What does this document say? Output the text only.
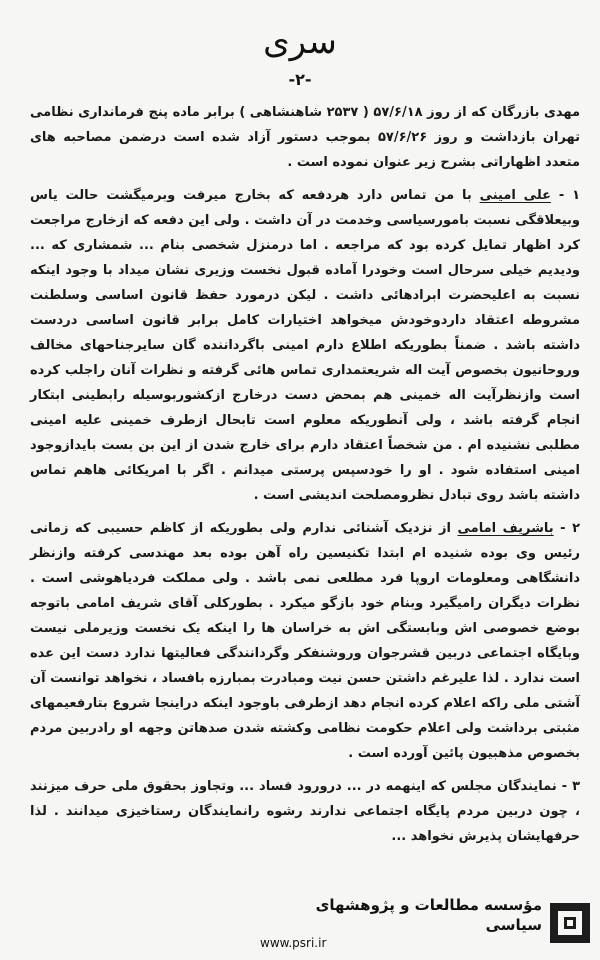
سری
-۲-

مهدی بازرگان که از روز ۵۷/۶/۱۸ ( ۲۵۳۷ شاهنشاهی ) برابر ماده پنج فرمانداری نظامی تهران بازداشت و روز ۵۷/۶/۲۶ بموجب دستور آزاد شده است درضمن مصاحبه های متعدد اظهاراتی بشرح زیر عنوان نموده است .

۱ - علی امینی با من تماس دارد هردفعه که بخارج میرفت وبرمیگشت حالت یاس وبیعلاقگی نسبت بامورسیاسی وخدمت در آن داشت . ولی این دفعه که ازخارج مراجعت کرد اظهار تمایل کرده بود که مراجعه . اما درمنزل شخصی بنام ... شمشاری که ... ودیدیم خیلی سرحال است وخودرا آماده قبول نخست وزیری نشان میداد با وجود اینکه نسبت به اعلیحضرت ابرادهائی داشت . لیکن درمورد حفظ قانون اساسی وسلطنت مشروطه اعتقاد داردوخودش میخواهد اختیارات کامل برابر قانون اساسی دردست داشته باشد . ضمناً بطوریکه اطلاع دارم امینی باگرداننده گان سایرجناحهای مخالف وروحانیون بخصوص آیت اله شریعتمداری تماس هائی گرفته و نظرات آنان راجلب کرده است وازنظرآیت اله خمینی هم بمحض دست درخارج ازکشوربوسیله رابطینی ابتکار انجام گرفته باشد ، ولی آنطوریکه معلوم است تابحال ازطرف خمینی علیه امینی مطلبی نشنیده ام . من شخصاً اعتقاد دارم برای خارج شدن از این بن بست بایدازوجود امینی استفاده شود . او را خودسپس پرستی میدانم . اگر با امریکائی هاهم تماس داشته باشد روی تبادل نظرومصلحت اندیشی است .

۲ - باشریف امامی از نزدیک آشنائی ندارم ولی بطوریکه از کاظم حسیبی که زمانی رئیس وی بوده شنیده ام ابتدا تکنیسین راه آهن بوده بعد مهندسی کرفته وازنظر دانشگاهی ومعلومات اروپا فرد مطلعی نمی باشد . ولی مملکت فردیاهوشی است . نظرات دیگران رامیگیرد وبنام خود بازگو میکرد . بطورکلی آقای شریف امامی باتوجه بوضع خصوصی اش وبابستگی اش به خراسان ها را اینکه یک نخست وزیرملی نیست وبایگاه اجتماعی دربین قشرجوان وروشنفکر وگردانندگی فعالیتها ندارد دست این عده است ندارد . لذا علیرغم داشتن حسن نیت ومبادرت بمبارزه بافساد ، نخواهد توانست آن آشتی ملی راکه اعلام کرده انجام دهد ازطرفی باوجود اینکه دراینجا شروع بتارفعیمهای مثبتی برداشت ولی اعلام حکومت نظامی وکشته شدن صدهاتن وجهه او رادربین مردم بخصوص مذهبیون پائین آورده است .

۳ - نمایندگان مجلس که اینهمه در ... درورود فساد ... وتجاوز بحقوق ملی حرف میزنند ، چون دربین مردم پایگاه اجتماعی ندارند رشوه رانمایندگان رستاخیزی میدانند . لذا حرفهایشان پذیرش نخواهد ...

مؤسسه مطالعات و پژوهشهای سیاسی
www.psri.ir
